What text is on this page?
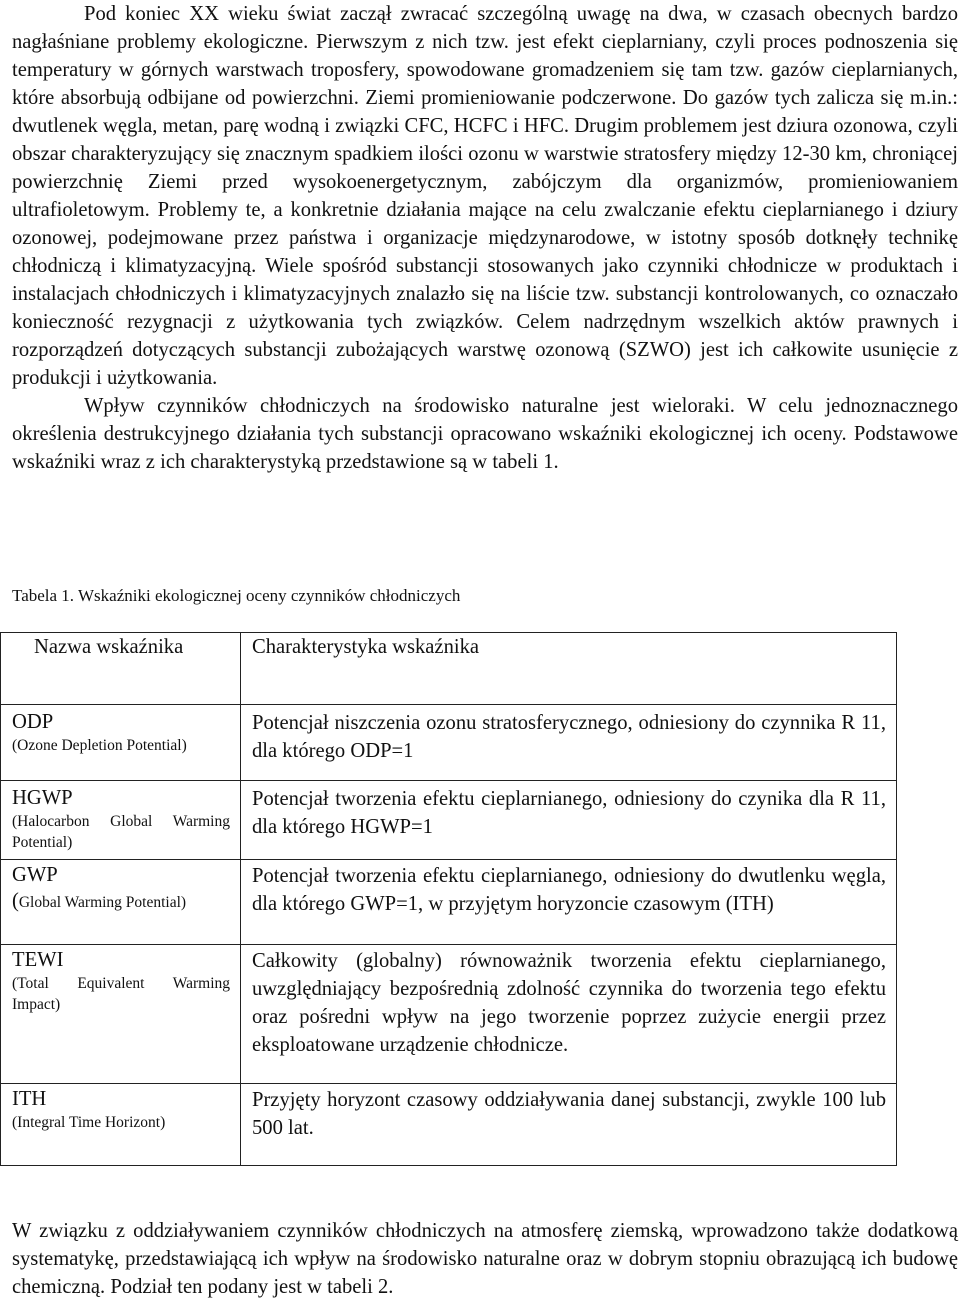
Pod koniec XX wieku świat zaczął zwracać szczególną uwagę na dwa, w czasach obecnych bardzo nagłaśniane problemy ekologiczne. Pierwszym z nich tzw. jest efekt cieplarniany, czyli proces podnoszenia się temperatury w górnych warstwach troposfery, spowodowane gromadzeniem się tam tzw. gazów cieplarnianych, które absorbują odbijane od powierzchni. Ziemi promieniowanie podczerwone. Do gazów tych zalicza się m.in.: dwutlenek węgla, metan, parę wodną i związki CFC, HCFC i HFC. Drugim problemem jest dziura ozonowa, czyli obszar charakteryzujący się znacznym spadkiem ilości ozonu w warstwie stratosfery między 12-30 km, chroniącej powierzchnię Ziemi przed wysokoenergetycznym, zabójczym dla organizmów, promieniowaniem ultrafioletowym. Problemy te, a konkretnie działania mające na celu zwalczanie efektu cieplarnianego i dziury ozonowej, podejmowane przez państwa i organizacje międzynarodowe, w istotny sposób dotknęły technikę chłodniczą i klimatyzacyjną. Wiele spośród substancji stosowanych jako czynniki chłodnicze w produktach i instalacjach chłodniczych i klimatyzacyjnych znalazło się na liście tzw. substancji kontrolowanych, co oznaczało konieczność rezygnacji z użytkowania tych związków. Celem nadrzędnym wszelkich aktów prawnych i rozporządzeń dotyczących substancji zubożających warstwę ozonową (SZWO) jest ich całkowite usunięcie z produkcji i użytkowania.

Wpływ czynników chłodniczych na środowisko naturalne jest wieloraki. W celu jednoznacznego określenia destrukcyjnego działania tych substancji opracowano wskaźniki ekologicznej ich oceny. Podstawowe wskaźniki wraz z ich charakterystyką przedstawione są w tabeli 1.

Tabela 1. Wskaźniki ekologicznej oceny czynników chłodniczych
Nazwa wskaźnika	Charakterystyka wskaźnika

ODP
(Ozone Depletion Potential)	Potencjał niszczenia ozonu stratosferycznego, odniesiony do czynnika R 11, dla którego ODP=1

HGWP
(Halocarbon Global Warming Potential)	Potencjał tworzenia efektu cieplarnianego, odniesiony do czynika dla R 11, dla którego HGWP=1

GWP
(Global Warming Potential)	Potencjał tworzenia efektu cieplarnianego, odniesiony do dwutlenku węgla, dla którego GWP=1, w przyjętym horyzoncie czasowym (ITH)

TEWI
(Total Equivalent Warming Impact)	Całkowity (globalny) równoważnik tworzenia efektu cieplarnianego, uwzględniający bezpośrednią zdolność czynnika do tworzenia tego efektu oraz pośredni wpływ na jego tworzenie poprzez zużycie energii przez eksploatowane urządzenie chłodnicze.

ITH
(Integral Time Horizont)	Przyjęty horyzont czasowy oddziaływania danej substancji, zwykle 100 lub 500 lat.

W związku z oddziaływaniem czynników chłodniczych na atmosferę ziemską, wprowadzono także dodatkową systematykę, przedstawiającą ich wpływ na środowisko naturalne oraz w dobrym stopniu obrazującą ich budowę chemiczną. Podział ten podany jest w tabeli 2.
